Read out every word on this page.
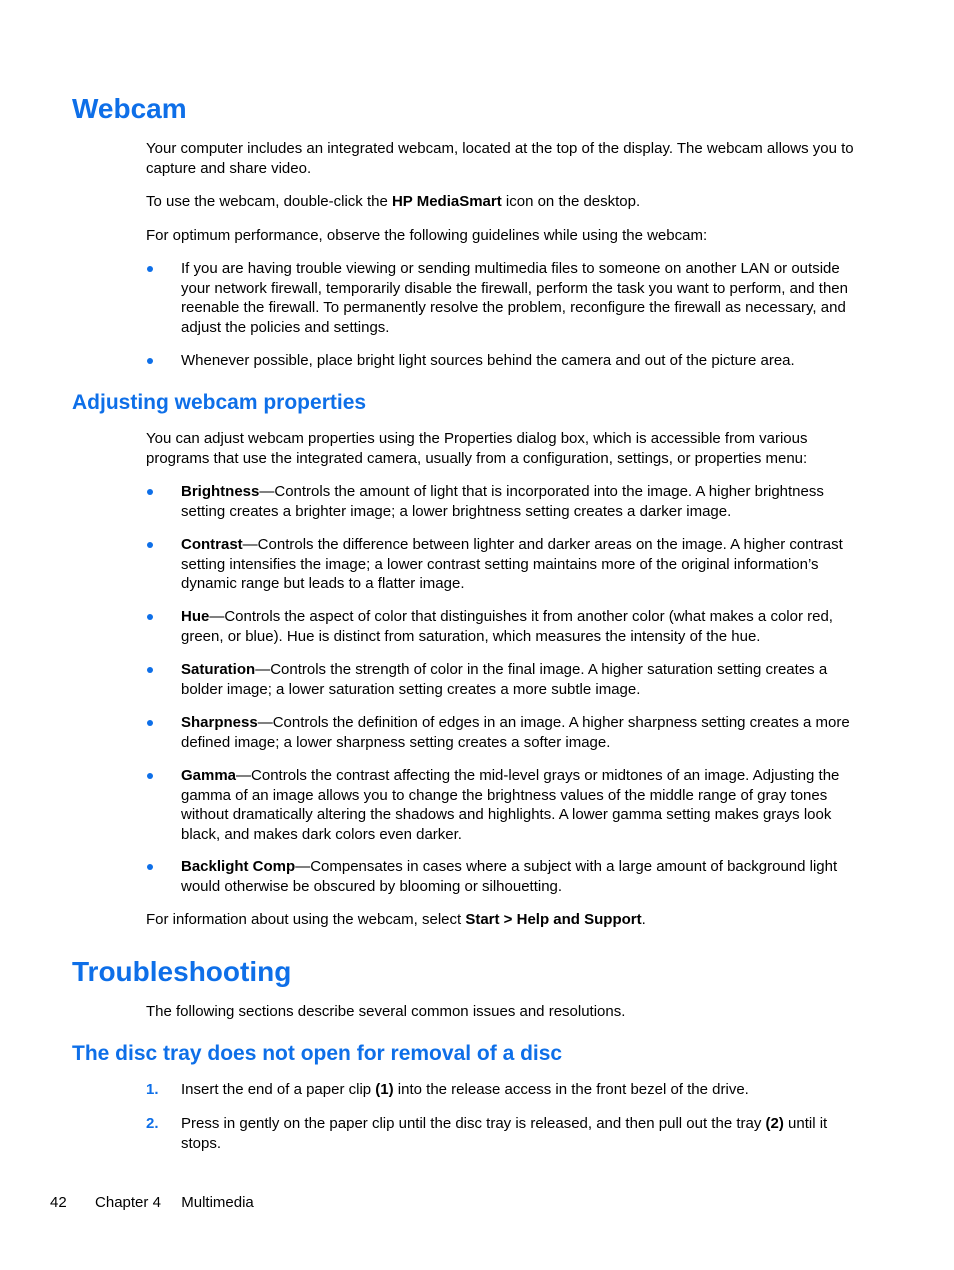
Webcam

Your computer includes an integrated webcam, located at the top of the display. The webcam allows you to capture and share video.

To use the webcam, double-click the HP MediaSmart icon on the desktop.

For optimum performance, observe the following guidelines while using the webcam:

If you are having trouble viewing or sending multimedia files to someone on another LAN or outside your network firewall, temporarily disable the firewall, perform the task you want to perform, and then reenable the firewall. To permanently resolve the problem, reconfigure the firewall as necessary, and adjust the policies and settings.
Whenever possible, place bright light sources behind the camera and out of the picture area.
Adjusting webcam properties

You can adjust webcam properties using the Properties dialog box, which is accessible from various programs that use the integrated camera, usually from a configuration, settings, or properties menu:

Brightness—Controls the amount of light that is incorporated into the image. A higher brightness setting creates a brighter image; a lower brightness setting creates a darker image.
Contrast—Controls the difference between lighter and darker areas on the image. A higher contrast setting intensifies the image; a lower contrast setting maintains more of the original information’s dynamic range but leads to a flatter image.
Hue—Controls the aspect of color that distinguishes it from another color (what makes a color red, green, or blue). Hue is distinct from saturation, which measures the intensity of the hue.
Saturation—Controls the strength of color in the final image. A higher saturation setting creates a bolder image; a lower saturation setting creates a more subtle image.
Sharpness—Controls the definition of edges in an image. A higher sharpness setting creates a more defined image; a lower sharpness setting creates a softer image.
Gamma—Controls the contrast affecting the mid-level grays or midtones of an image. Adjusting the gamma of an image allows you to change the brightness values of the middle range of gray tones without dramatically altering the shadows and highlights. A lower gamma setting makes grays look black, and makes dark colors even darker.
Backlight Comp—Compensates in cases where a subject with a large amount of background light would otherwise be obscured by blooming or silhouetting.

For information about using the webcam, select Start > Help and Support.

Troubleshooting

The following sections describe several common issues and resolutions.

The disc tray does not open for removal of a disc
1. Insert the end of a paper clip (1) into the release access in the front bezel of the drive.
2. Press in gently on the paper clip until the disc tray is released, and then pull out the tray (2) until it stops.
42 Chapter 4 Multimedia
